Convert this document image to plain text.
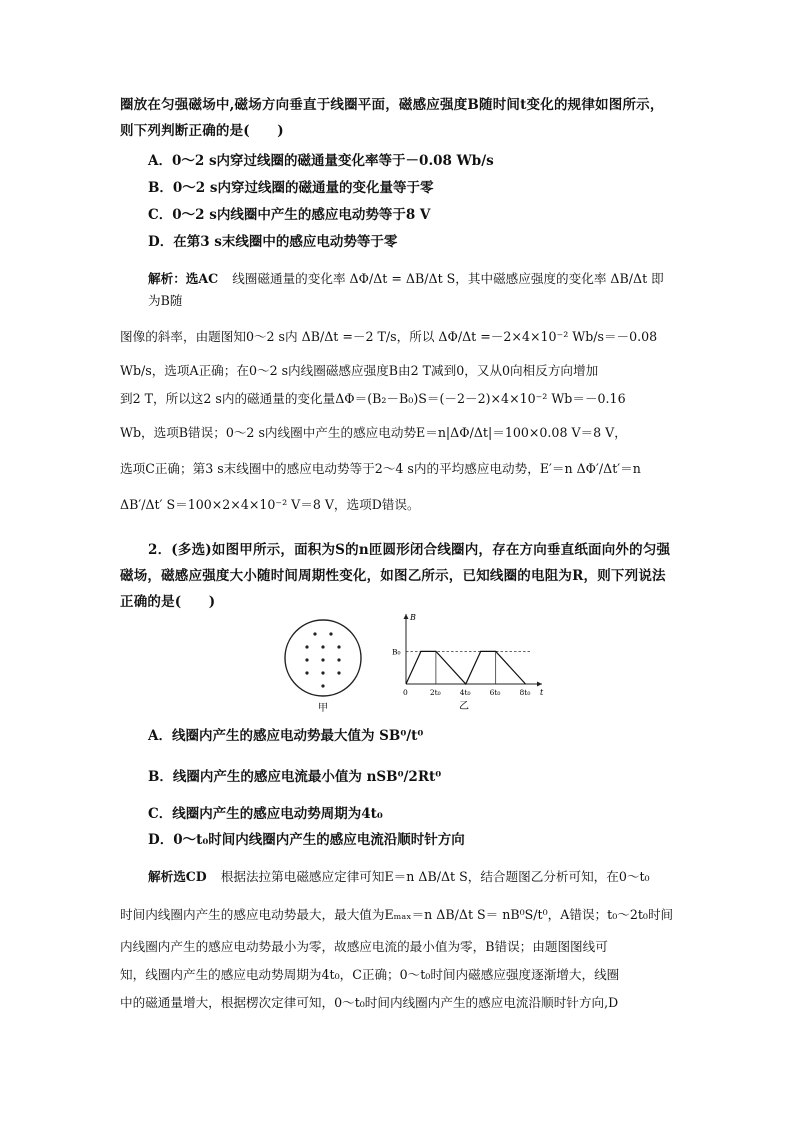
圈放在匀强磁场中,磁场方向垂直于线圈平面，磁感应强度B随时间t变化的规律如图所示，则下列判断正确的是(　　)
A．0～2 s内穿过线圈的磁通量变化率等于－0.08 Wb/s
B．0～2 s内穿过线圈的磁通量的变化量等于零
C．0～2 s内线圈中产生的感应电动势等于8 V
D．在第3 s末线圈中的感应电动势等于零
解析：选AC 线圈磁通量的变化率 ΔΦ/Δt = ΔB/Δt S，其中磁感应强度的变化率 ΔB/Δt 即为B随
图像的斜率，由题图知0～2 s内 ΔB/Δt =－2 T/s，所以 ΔΦ/Δt =－2×4×10⁻² Wb/s＝－0.08
Wb/s，选项A正确；在0～2 s内线圈磁感应强度B由2 T减到0，又从0向相反方向增加
到2 T，所以这2 s内的磁通量的变化量ΔΦ＝(B₂－B₀)S＝(－2－2)×4×10⁻² Wb＝－0.16
Wb，选项B错误；0～2 s内线圈中产生的感应电动势E＝n|ΔΦ/Δt|＝100×0.08 V＝8 V，
选项C正确；第3 s末线圈中的感应电动势等于2～4 s内的平均感应电动势，E′＝n ΔΦ′/Δt′＝n
ΔB′/Δt′ S＝100×2×4×10⁻² V＝8 V，选项D错误。
2．(多选)如图甲所示，面积为S的n匝圆形闭合线圈内，存在方向垂直纸面向外的匀强磁场，磁感应强度大小随时间周期性变化，如图乙所示，已知线圈的电阻为R，则下列说法正确的是(　　)
甲
B
t
B₀
0	2t₀	4t₀	6t₀	8t₀
乙
A．线圈内产生的感应电动势最大值为 SB⁰/t⁰
B．线圈内产生的感应电流最小值为 nSB⁰/2Rt⁰
C．线圈内产生的感应电动势周期为4t₀
D．0～t₀时间内线圈内产生的感应电流沿顺时针方向
解析选CD 根据法拉第电磁感应定律可知E＝n ΔB/Δt S，结合题图乙分析可知，在0～t₀
时间内线圈内产生的感应电动势最大，最大值为Eₘₐₓ＝n ΔB/Δt S＝ nB⁰S/t⁰，A错误；t₀～2t₀时间
内线圈内产生的感应电动势最小为零，故感应电流的最小值为零，B错误；由题图图线可
知，线圈内产生的感应电动势周期为4t₀，C正确；0～t₀时间内磁感应强度逐渐增大，线圈
中的磁通量增大，根据楞次定律可知，0～t₀时间内线圈内产生的感应电流沿顺时针方向,D
